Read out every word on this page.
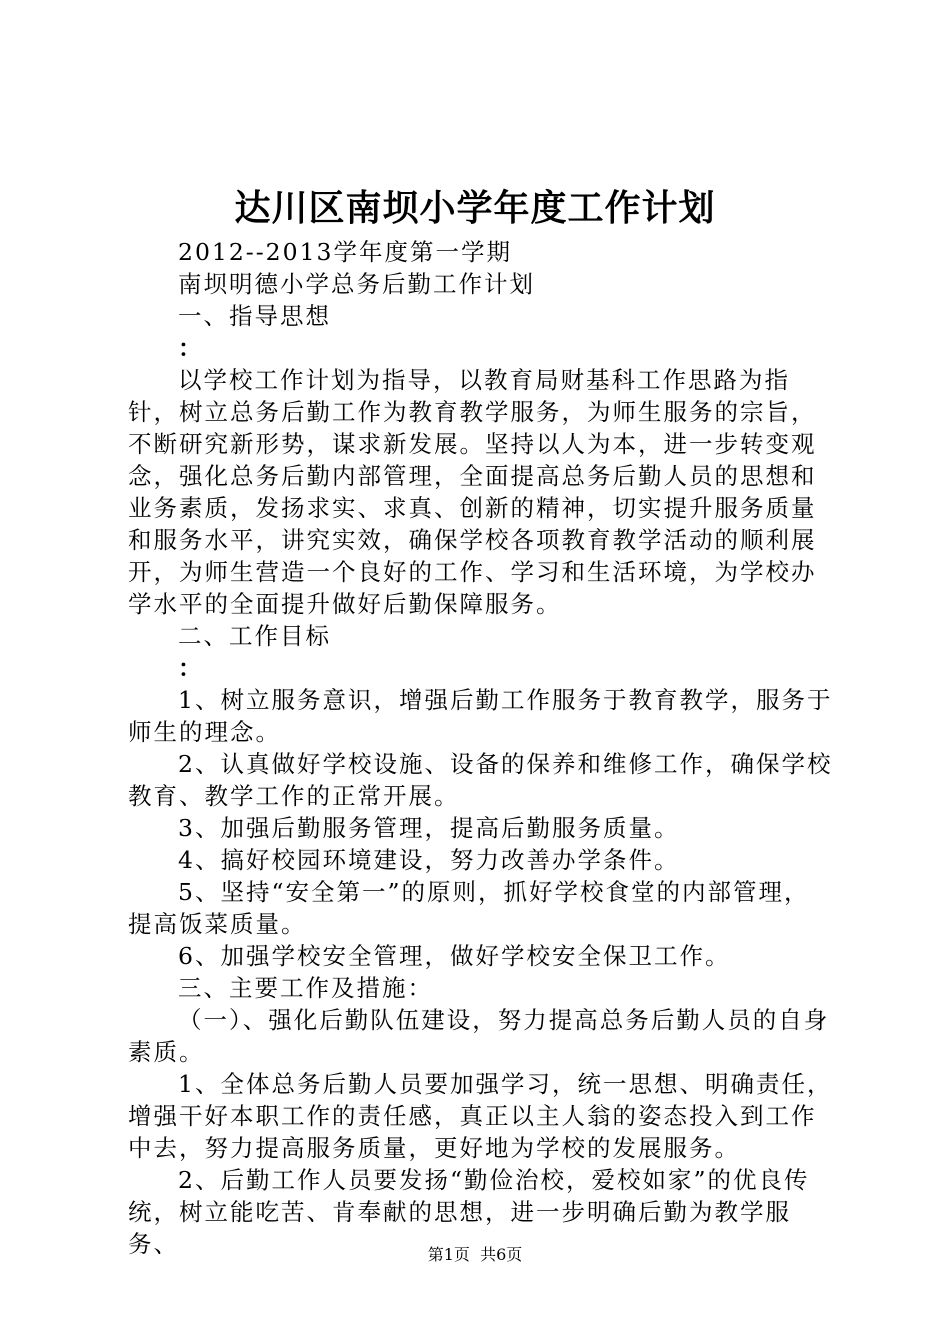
达川区南坝小学年度工作计划

2012--2013学年度第一学期

南坝明德小学总务后勤工作计划

一、指导思想

：

以学校工作计划为指导，以教育局财基科工作思路为指针，树立总务后勤工作为教育教学服务，为师生服务的宗旨，不断研究新形势，谋求新发展。坚持以人为本，进一步转变观念，强化总务后勤内部管理，全面提高总务后勤人员的思想和业务素质，发扬求实、求真、创新的精神，切实提升服务质量和服务水平，讲究实效，确保学校各项教育教学活动的顺利展开，为师生营造一个良好的工作、学习和生活环境，为学校办学水平的全面提升做好后勤保障服务。

二、工作目标

：

1、树立服务意识，增强后勤工作服务于教育教学，服务于师生的理念。

2、认真做好学校设施、设备的保养和维修工作，确保学校教育、教学工作的正常开展。

3、加强后勤服务管理，提高后勤服务质量。

4、搞好校园环境建设，努力改善办学条件。

5、坚持“安全第一”的原则，抓好学校食堂的内部管理，提高饭菜质量。

6、加强学校安全管理，做好学校安全保卫工作。

三、主要工作及措施：

（一）、强化后勤队伍建设，努力提高总务后勤人员的自身素质。

1、全体总务后勤人员要加强学习，统一思想、明确责任，增强干好本职工作的责任感，真正以主人翁的姿态投入到工作中去，努力提高服务质量，更好地为学校的发展服务。

2、后勤工作人员要发扬“勤俭治校，爱校如家”的优良传统，树立能吃苦、肯奉献的思想，进一步明确后勤为教学服务、	第1页 共6页
